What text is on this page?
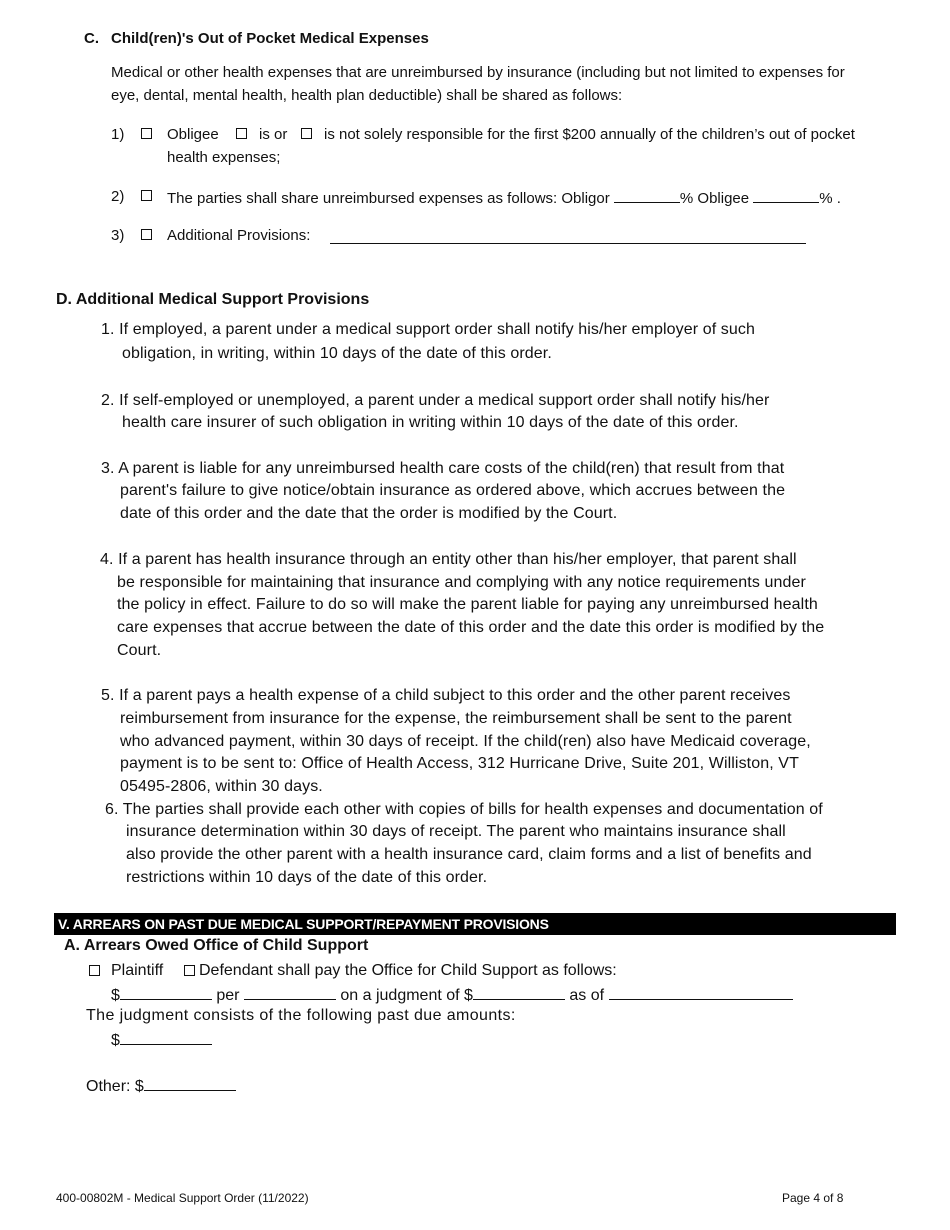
C. Child(ren)'s Out of Pocket Medical Expenses
Medical or other health expenses that are unreimbursed by insurance (including but not limited to expenses for
eye, dental, mental health, health plan deductible) shall be shared as follows:
1)	Obligee	is or is not solely responsible for the first $200 annually of the children’s out of pocket
health expenses;
2)	The parties shall share unreimbursed expenses as follows: Obligor	% Obligee	% .
3)	Additional Provisions:
D. Additional Medical Support Provisions
1. If employed, a parent under a medical support order shall notify his/her employer of such
obligation, in writing, within 10 days of the date of this order.
2. If self-employed or unemployed, a parent under a medical support order shall notify his/her
health care insurer of such obligation in writing within 10 days of the date of this order.
3. A parent is liable for any unreimbursed health care costs of the child(ren) that result from that
parent's failure to give notice/obtain insurance as ordered above, which accrues between the
date of this order and the date that the order is modified by the Court.
4. If a parent has health insurance through an entity other than his/her employer, that parent shall
be responsible for maintaining that insurance and complying with any notice requirements under
the policy in effect. Failure to do so will make the parent liable for paying any unreimbursed health
care expenses that accrue between the date of this order and the date this order is modified by the
Court.
5. If a parent pays a health expense of a child subject to this order and the other parent receives
reimbursement from insurance for the expense, the reimbursement shall be sent to the parent
who advanced payment, within 30 days of receipt. If the child(ren) also have Medicaid coverage,
payment is to be sent to: Office of Health Access, 312 Hurricane Drive, Suite 201, Williston, VT
05495-2806, within 30 days.
6. The parties shall provide each other with copies of bills for health expenses and documentation of
insurance determination within 30 days of receipt. The parent who maintains insurance shall
also provide the other parent with a health insurance card, claim forms and a list of benefits and
restrictions within 10 days of the date of this order.
V. ARREARS ON PAST DUE MEDICAL SUPPORT/REPAYMENT PROVISIONS
A. Arrears Owed Office of Child Support
Plaintiff Defendant shall pay the Office for Child Support as follows:
$	per	on a judgment of $	as of
The judgment consists of the following past due amounts:
$
Other: $
400-00802M - Medical Support Order (11/2022)	Page 4 of 8
